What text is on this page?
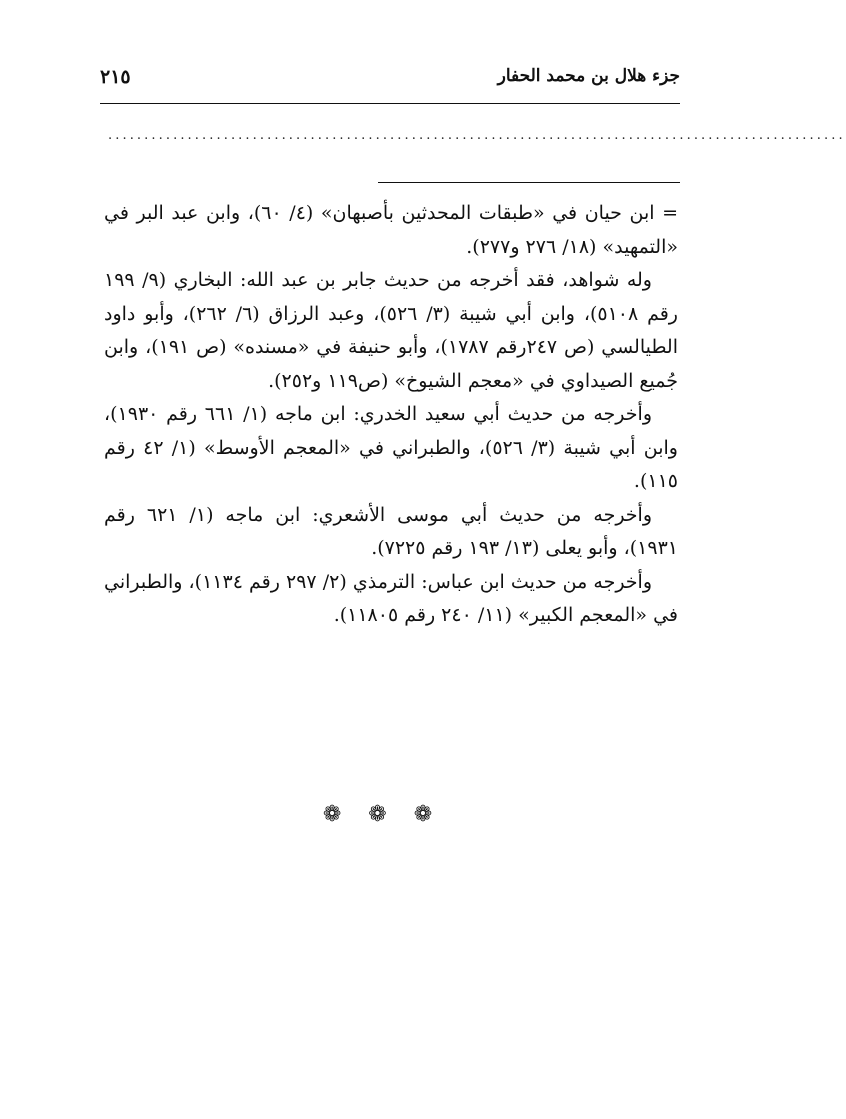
جزء هلال بن محمد الحفار
٢١٥
......................................................................................................

= ابن حيان في «طبقات المحدثين بأصبهان» (٤/ ٦٠)، وابن عبد البر في «التمهيد» (١٨/ ٢٧٦ و٢٧٧).

وله شواهد، فقد أخرجه من حديث جابر بن عبد الله: البخاري (٩/ ١٩٩ رقم ٥١٠٨)، وابن أبي شيبة (٣/ ٥٢٦)، وعبد الرزاق (٦/ ٢٦٢)، وأبو داود الطيالسي (ص ٢٤٧رقم ١٧٨٧)، وأبو حنيفة في «مسنده» (ص ١٩١)، وابن جُميع الصيداوي في «معجم الشيوخ» (ص١١٩ و٢٥٢).

وأخرجه من حديث أبي سعيد الخدري: ابن ماجه (١/ ٦٦١ رقم ١٩٣٠)، وابن أبي شيبة (٣/ ٥٢٦)، والطبراني في «المعجم الأوسط» (١/ ٤٢ رقم ١١٥).

وأخرجه من حديث أبي موسى الأشعري: ابن ماجه (١/ ٦٢١ رقم ١٩٣١)، وأبو يعلى (١٣/ ١٩٣ رقم ٧٢٢٥).

وأخرجه من حديث ابن عباس: الترمذي (٢/ ٢٩٧ رقم ١١٣٤)، والطبراني في «المعجم الكبير» (١١/ ٢٤٠ رقم ١١٨٠٥).

❁ ❁ ❁
